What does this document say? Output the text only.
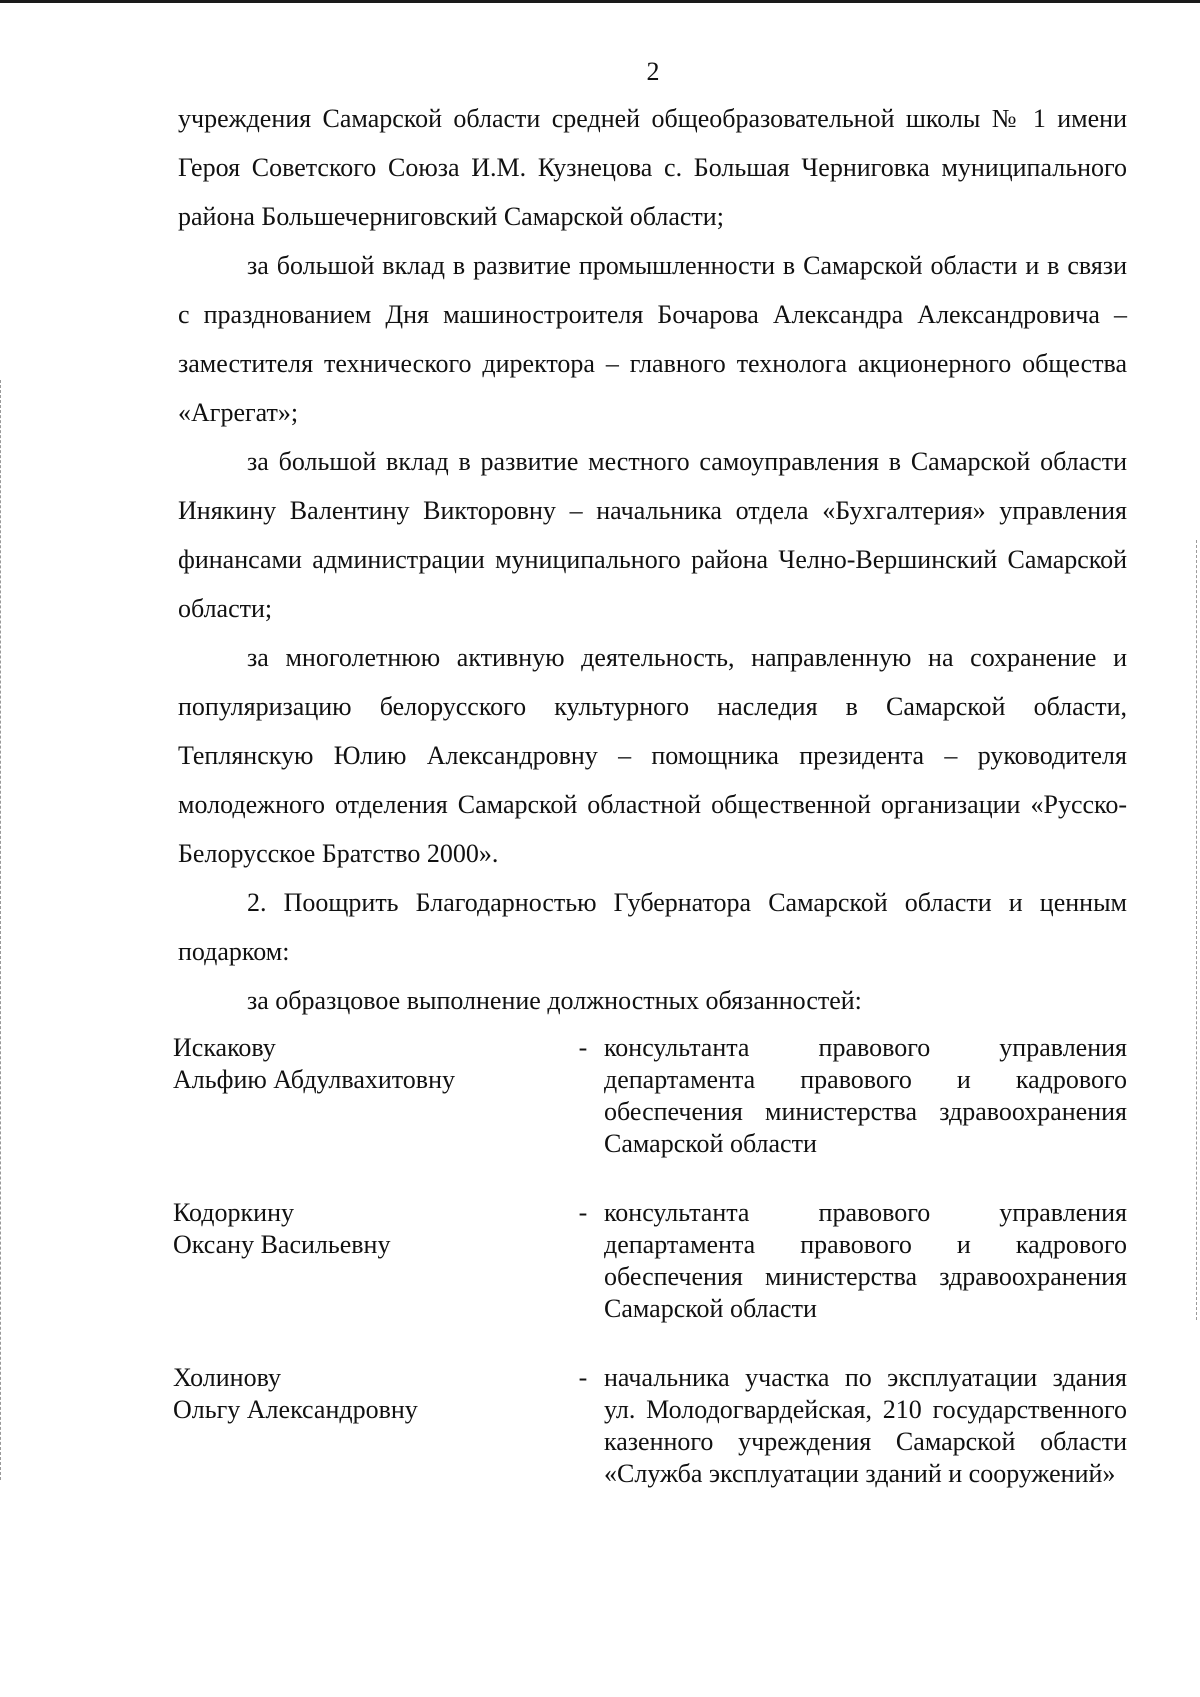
2

учреждения Самарской области средней общеобразовательной школы № 1 имени Героя Советского Союза И.М. Кузнецова с. Большая Черниговка муниципального района Большечерниговский Самарской области;

за большой вклад в развитие промышленности в Самарской области и в связи с празднованием Дня машиностроителя Бочарова Александра Александровича – заместителя технического директора – главного технолога акционерного общества «Агрегат»;

за большой вклад в развитие местного самоуправления в Самарской области Инякину Валентину Викторовну – начальника отдела «Бухгалтерия» управления финансами администрации муниципального района Челно-Вершинский Самарской области;

за многолетнюю активную деятельность, направленную на сохранение и популяризацию белорусского культурного наследия в Самарской области, Теплянскую Юлию Александровну – помощника президента – руководителя молодежного отделения Самарской областной общественной организации «Русско-Белорусское Братство 2000».

2. Поощрить Благодарностью Губернатора Самарской области и ценным подарком:

за образцовое выполнение должностных обязанностей:

Искакову
Альфию Абдулвахитовну
- консультанта правового управления департамента правового и кадрового обеспечения министерства здравоохранения Самарской области
Кодоркину
Оксану Васильевну
- консультанта правового управления департамента правового и кадрового обеспечения министерства здравоохранения Самарской области
Холинову
Ольгу Александровну
- начальника участка по эксплуатации здания ул. Молодогвардейская, 210 государственного казенного учреждения Самарской области «Служба эксплуатации зданий и сооружений»
